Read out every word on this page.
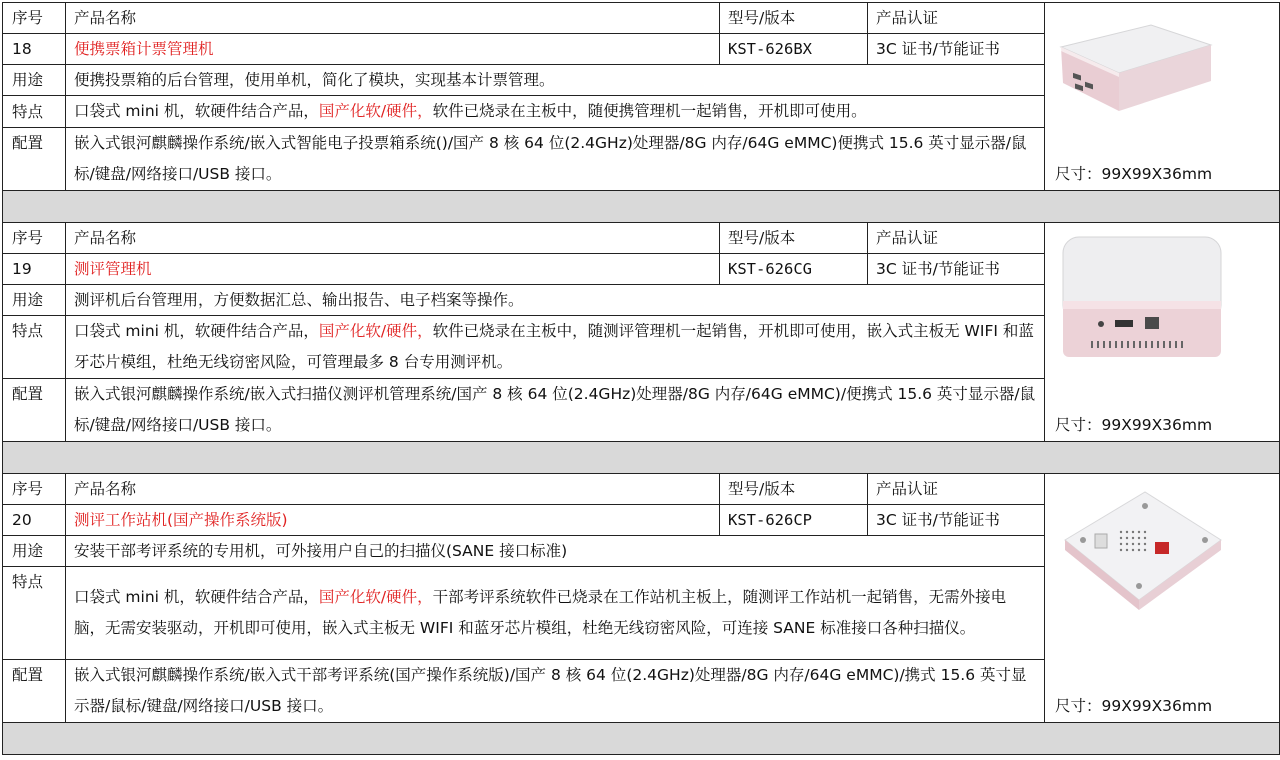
序号	产品名称	型号/版本	产品认证	尺寸：99X99X36mm

18	便携票箱计票管理机	KST-626BX	3C 证书/节能证书	
用途	便携投票箱的后台管理，使用单机，简化了模块，实现基本计票管理。			
特点	口袋式 mini 机，软硬件结合产品，国产化软/硬件，软件已烧录在主板中，随便携管理机一起销售，开机即可使用。			
配置	嵌入式银河麒麟操作系统/嵌入式智能电子投票箱系统()/国产 8 核 64 位(2.4GHz)处理器/8G 内存/64G eMMC)便携式 15.6 英寸显示器/鼠标/键盘/网络接口/USB 接口。			

序号	产品名称	型号/版本	产品认证	尺寸：99X99X36mm

19	测评管理机	KST-626CG	3C 证书/节能证书	
用途	测评机后台管理用，方便数据汇总、输出报告、电子档案等操作。			
特点	口袋式 mini 机，软硬件结合产品，国产化软/硬件，软件已烧录在主板中，随测评管理机一起销售，开机即可使用，嵌入式主板无 WIFI 和蓝牙芯片模组，杜绝无线窃密风险，可管理最多 8 台专用测评机。			
配置	嵌入式银河麒麟操作系统/嵌入式扫描仪测评机管理系统/国产 8 核 64 位(2.4GHz)处理器/8G 内存/64G eMMC)/便携式 15.6 英寸显示器/鼠标/键盘/网络接口/USB 接口。			

序号	产品名称	型号/版本	产品认证	尺寸：99X99X36mm

20	测评工作站机(国产操作系统版)	KST-626CP	3C 证书/节能证书	
用途	安装干部考评系统的专用机，可外接用户自己的扫描仪(SANE 接口标准)			
特点	口袋式 mini 机，软硬件结合产品，国产化软/硬件，干部考评系统软件已烧录在工作站机主板上，随测评工作站机一起销售，无需外接电脑，无需安装驱动，开机即可使用，嵌入式主板无 WIFI 和蓝牙芯片模组，杜绝无线窃密风险，可连接 SANE 标准接口各种扫描仪。			
配置	嵌入式银河麒麟操作系统/嵌入式干部考评系统(国产操作系统版)/国产 8 核 64 位(2.4GHz)处理器/8G 内存/64G eMMC)/携式 15.6 英寸显示器/鼠标/键盘/网络接口/USB 接口。			
